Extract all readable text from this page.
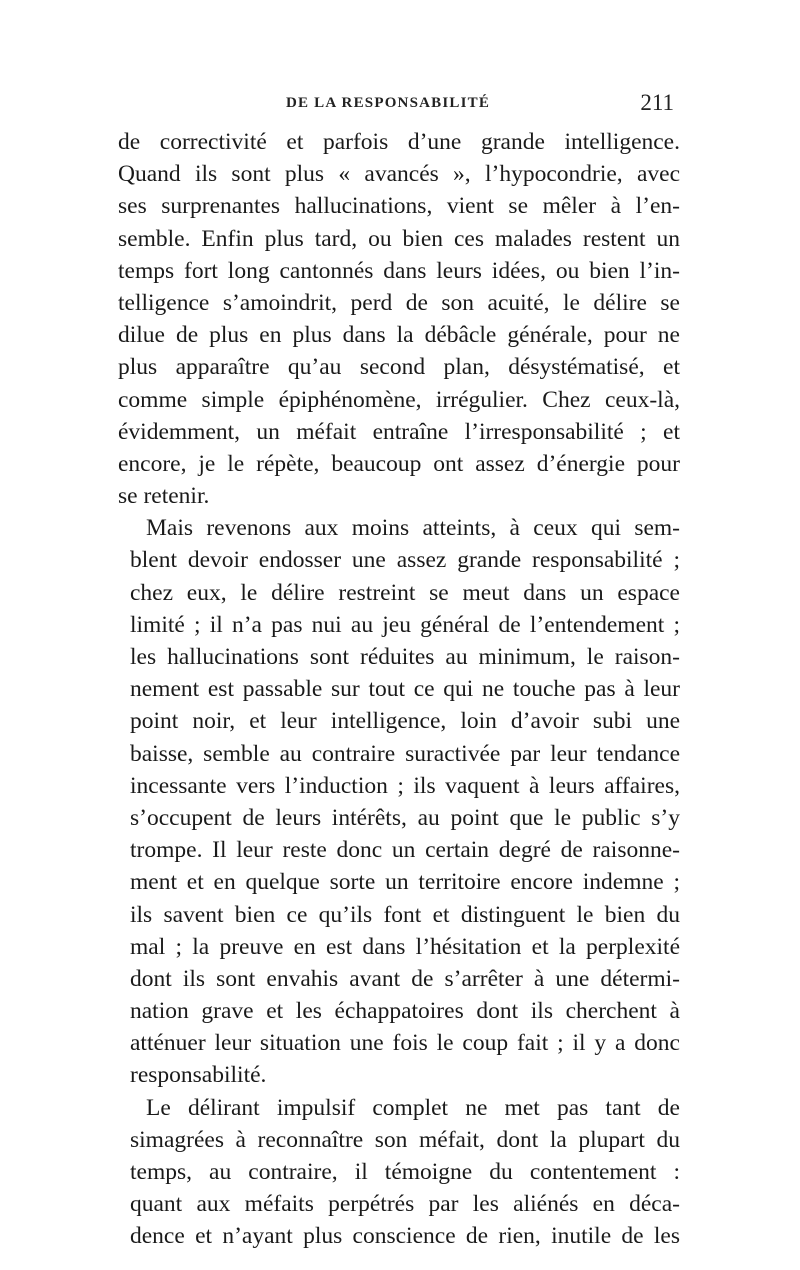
DE LA RESPONSABILITÉ	211
de correctivité et parfois d’une grande intelligence.
Quand ils sont plus « avancés », l’hypocondrie, avec
ses surprenantes hallucinations, vient se mêler à l’en-
semble. Enfin plus tard, ou bien ces malades restent un
temps fort long cantonnés dans leurs idées, ou bien l’in-
telligence s’amoindrit, perd de son acuité, le délire se
dilue de plus en plus dans la débâcle générale, pour ne
plus apparaître qu’au second plan, désystématisé, et
comme simple épiphénomène, irrégulier. Chez ceux-là,
évidemment, un méfait entraîne l’irresponsabilité ; et
encore, je le répète, beaucoup ont assez d’énergie pour
se retenir.
Mais revenons aux moins atteints, à ceux qui sem-
blent devoir endosser une assez grande responsabilité ;
chez eux, le délire restreint se meut dans un espace
limité ; il n’a pas nui au jeu général de l’entendement ;
les hallucinations sont réduites au minimum, le raison-
nement est passable sur tout ce qui ne touche pas à leur
point noir, et leur intelligence, loin d’avoir subi une
baisse, semble au contraire suractivée par leur tendance
incessante vers l’induction ; ils vaquent à leurs affaires,
s’occupent de leurs intérêts, au point que le public s’y
trompe. Il leur reste donc un certain degré de raisonne-
ment et en quelque sorte un territoire encore indemne ;
ils savent bien ce qu’ils font et distinguent le bien du
mal ; la preuve en est dans l’hésitation et la perplexité
dont ils sont envahis avant de s’arrêter à une détermi-
nation grave et les échappatoires dont ils cherchent à
atténuer leur situation une fois le coup fait ; il y a donc
responsabilité.
Le délirant impulsif complet ne met pas tant de
simagrées à reconnaître son méfait, dont la plupart du
temps, au contraire, il témoigne du contentement :
quant aux méfaits perpétrés par les aliénés en déca-
dence et n’ayant plus conscience de rien, inutile de les
